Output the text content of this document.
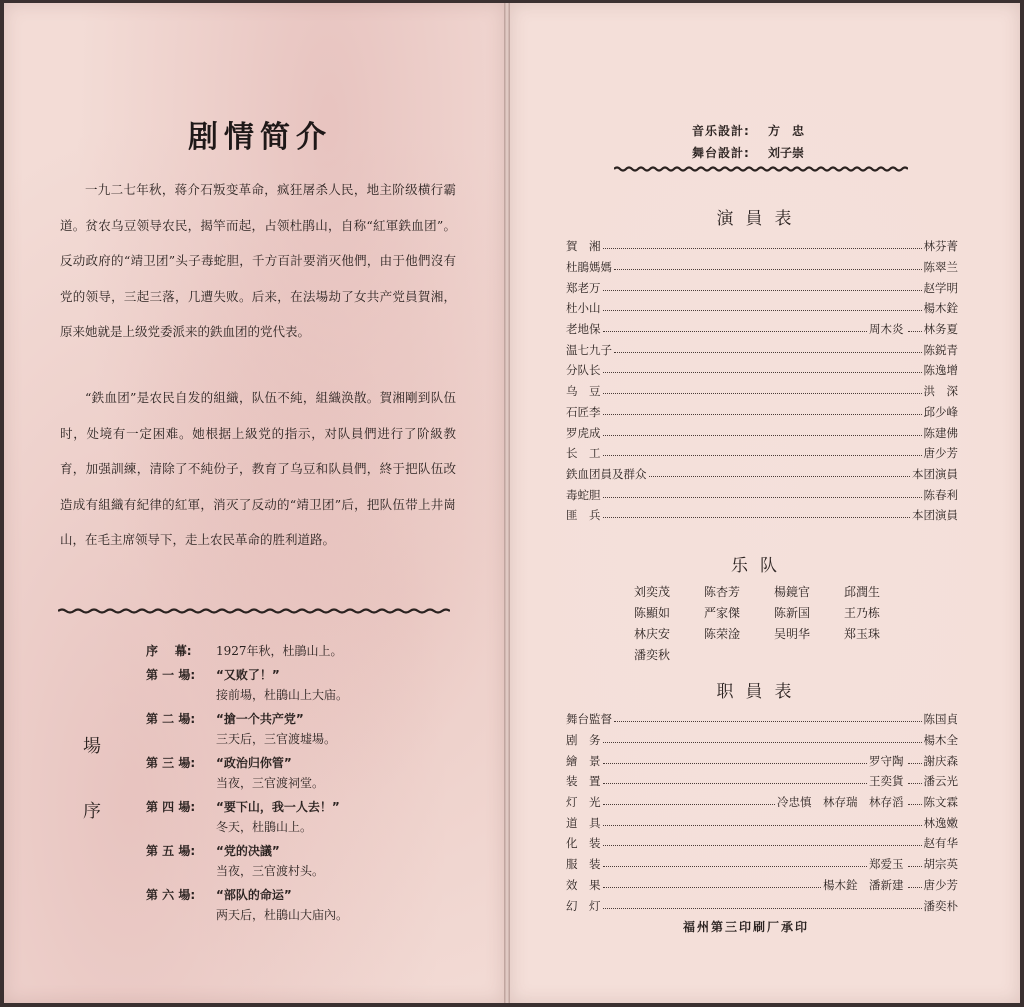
剧情简介

一九二七年秋，蒋介石叛变革命，疯狂屠杀人民，地主阶级横行霸道。贫农乌豆领导农民，揭竿而起，占领杜鹃山，自称“紅軍鉄血团”。反动政府的“靖卫团”头子毒蛇胆，千方百計要消灭他們，由于他們沒有党的领导，三起三落，几遭失败。后来，在法場劫了女共产党員賀湘，原来她就是上级党委派来的鉄血团的党代表。

“鉄血团”是农民自发的組織，队伍不純，組織涣散。賀湘剛到队伍时，处境有一定困难。她根据上級党的指示，对队員們进行了阶級教育，加强訓練，清除了不純份子，教育了乌豆和队員們，終于把队伍改造成有組織有紀律的紅軍，消灭了反动的“靖卫团”后，把队伍带上井崗山，在毛主席领导下，走上农民革命的胜利道路。

場
序
序    幕:	1927年秋，杜鵑山上。
第 一 場:	“又败了！”
接前場，杜鵑山上大庙。
第 二 場:	“搶一个共产党”
三天后，三官渡墟場。
第 三 場:	“政治归你管”
当夜，三官渡祠堂。
第 四 場:	“要下山，我一人去！”
冬天，杜鵑山上。
第 五 場:	“党的决議”
当夜，三官渡村头。
第 六 場:	“部队的命运”
两天后，杜鵑山大庙內。
音乐設計:	方　忠
舞台設計:	刘子崇
演員表
賀　湘	林芬菁
杜鵑媽媽	陈翠兰
郑老万	赵学明
杜小山	楊木銓
老地保	周木炎 林务夏
温七九子	陈鋭青
分队长	陈逸增
乌　豆	洪　深
石匠李	邱少峰
罗虎成	陈建佛
长　工	唐少芳
鉄血团員及群众	本团演員
毒蛇胆	陈春利
匪　兵	本团演員
乐队
刘奕茂	陈杏芳	楊鏡官	邱潤生
陈顯如	严家傑	陈新国	王乃栋
林庆安	陈荣淦	吴明华	郑玉珠
潘奕秋
职員表
舞台監督	陈国貞
剧　务	楊木全
繪　景	罗守陶 謝庆森
装　置	王奕貨 潘云光
灯　光	冷忠慎　林存瑞　林存滔 陈文霖
道　具	林逸嫩
化　装	赵有华
服　装	郑爱玉 胡宗英
效　果	楊木銓　潘新建 唐少芳
幻　灯	潘奕朴
福州第三印刷厂承印
